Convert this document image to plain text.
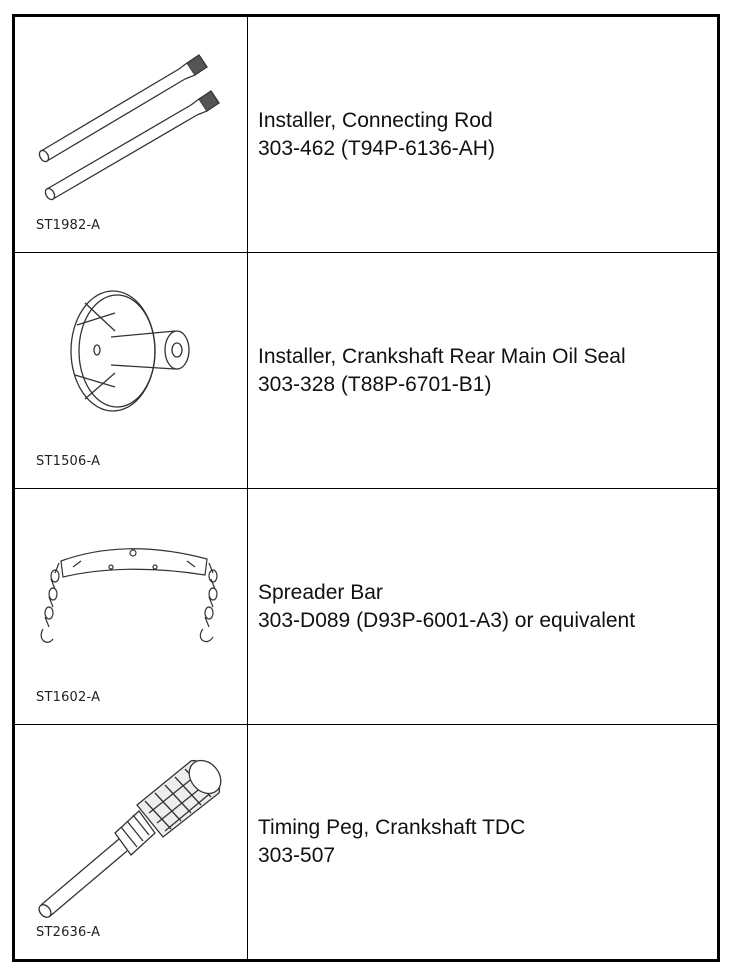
ST1982-A
Installer, Connecting Rod
303-462 (T94P-6136-AH)
ST1506-A
Installer, Crankshaft Rear Main Oil Seal
303-328 (T88P-6701-B1)
ST1602-A
Spreader Bar
303-D089 (D93P-6001-A3) or equivalent
ST2636-A
Timing Peg, Crankshaft TDC
303-507
